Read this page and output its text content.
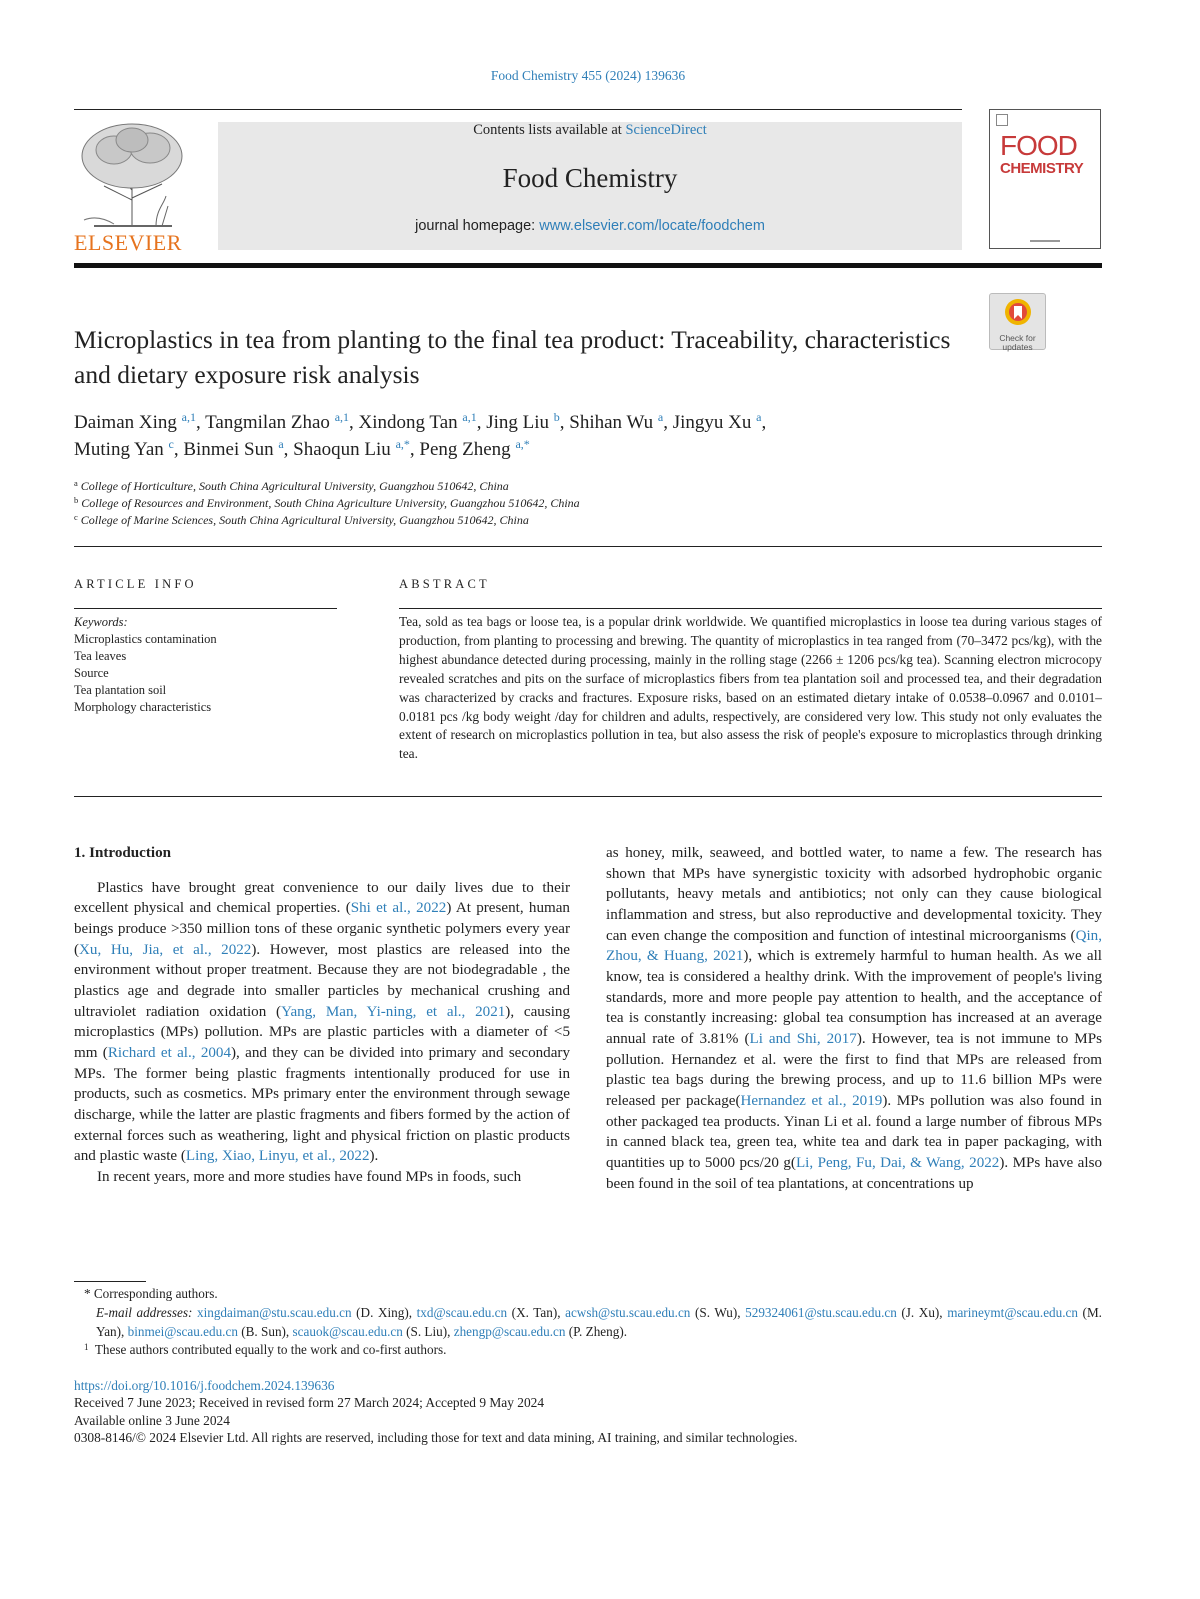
Food Chemistry 455 (2024) 139636
ELSEVIER
Contents lists available at ScienceDirect
Food Chemistry
journal homepage: www.elsevier.com/locate/foodchem
FOOD
CHEMISTRY
Check for updates
Microplastics in tea from planting to the final tea product: Traceability, characteristics and dietary exposure risk analysis
Daiman Xing $^{a,1}$, Tangmilan Zhao $^{a,1}$, Xindong Tan $^{a,1}$, Jing Liu $^b$, Shihan Wu $^a$, Jingyu Xu $^a$,
Muting Yan $^c$, Binmei Sun $^a$, Shaoqun Liu $^{a,*}$, Peng Zheng $^{a,*}$
$^a$ College of Horticulture, South China Agricultural University, Guangzhou 510642, China
$^b$ College of Resources and Environment, South China Agriculture University, Guangzhou 510642, China
$^c$ College of Marine Sciences, South China Agricultural University, Guangzhou 510642, China
ARTICLE INFO	ABSTRACT
Keywords:
Microplastics contamination
Tea leaves
Source
Tea plantation soil
Morphology characteristics
Tea, sold as tea bags or loose tea, is a popular drink worldwide. We quantified microplastics in loose tea during various stages of production, from planting to processing and brewing. The quantity of microplastics in tea ranged from (70–3472 pcs/kg), with the highest abundance detected during processing, mainly in the rolling stage (2266 ± 1206 pcs/kg tea). Scanning electron microcopy revealed scratches and pits on the surface of microplastics fibers from tea plantation soil and processed tea, and their degradation was characterized by cracks and fractures. Exposure risks, based on an estimated dietary intake of 0.0538–0.0967 and 0.0101–0.0181 pcs /kg body weight /day for children and adults, respectively, are considered very low. This study not only evaluates the extent of research on microplastics pollution in tea, but also assess the risk of people's exposure to microplastics through drinking tea.
1. Introduction

Plastics have brought great convenience to our daily lives due to their excellent physical and chemical properties. (Shi et al., 2022) At present, human beings produce >350 million tons of these organic synthetic polymers every year (Xu, Hu, Jia, et al., 2022). However, most plastics are released into the environment without proper treatment. Because they are not biodegradable , the plastics age and degrade into smaller particles by mechanical crushing and ultraviolet radiation oxidation (Yang, Man, Yi-ning, et al., 2021), causing microplastics (MPs) pollution. MPs are plastic particles with a diameter of <5 mm (Richard et al., 2004), and they can be divided into primary and secondary MPs. The former being plastic fragments intentionally produced for use in products, such as cosmetics. MPs primary enter the environment through sewage discharge, while the latter are plastic fragments and fibers formed by the action of external forces such as weathering, light and physical friction on plastic products and plastic waste (Ling, Xiao, Linyu, et al., 2022).

In recent years, more and more studies have found MPs in foods, such

as honey, milk, seaweed, and bottled water, to name a few. The research has shown that MPs have synergistic toxicity with adsorbed hydrophobic organic pollutants, heavy metals and antibiotics; not only can they cause biological inflammation and stress, but also reproductive and developmental toxicity. They can even change the composition and function of intestinal microorganisms (Qin, Zhou, & Huang, 2021), which is extremely harmful to human health. As we all know, tea is considered a healthy drink. With the improvement of people's living standards, more and more people pay attention to health, and the acceptance of tea is constantly increasing: global tea consumption has increased at an average annual rate of 3.81% (Li and Shi, 2017). However, tea is not immune to MPs pollution. Hernandez et al. were the first to find that MPs are released from plastic tea bags during the brewing process, and up to 11.6 billion MPs were released per package(Hernandez et al., 2019). MPs pollution was also found in other packaged tea products. Yinan Li et al. found a large number of fibrous MPs in canned black tea, green tea, white tea and dark tea in paper packaging, with quantities up to 5000 pcs/20 g(Li, Peng, Fu, Dai, & Wang, 2022). MPs have also been found in the soil of tea plantations, at concentrations up

* Corresponding authors.
E-mail addresses: xingdaiman@stu.scau.edu.cn (D. Xing), txd@scau.edu.cn (X. Tan), acwsh@stu.scau.edu.cn (S. Wu), 529324061@stu.scau.edu.cn (J. Xu), marineymt@scau.edu.cn (M. Yan), binmei@scau.edu.cn (B. Sun), scauok@scau.edu.cn (S. Liu), zhengp@scau.edu.cn (P. Zheng).
$^1$ These authors contributed equally to the work and co-first authors.
https://doi.org/10.1016/j.foodchem.2024.139636
Received 7 June 2023; Received in revised form 27 March 2024; Accepted 9 May 2024
Available online 3 June 2024
0308-8146/© 2024 Elsevier Ltd. All rights are reserved, including those for text and data mining, AI training, and similar technologies.
